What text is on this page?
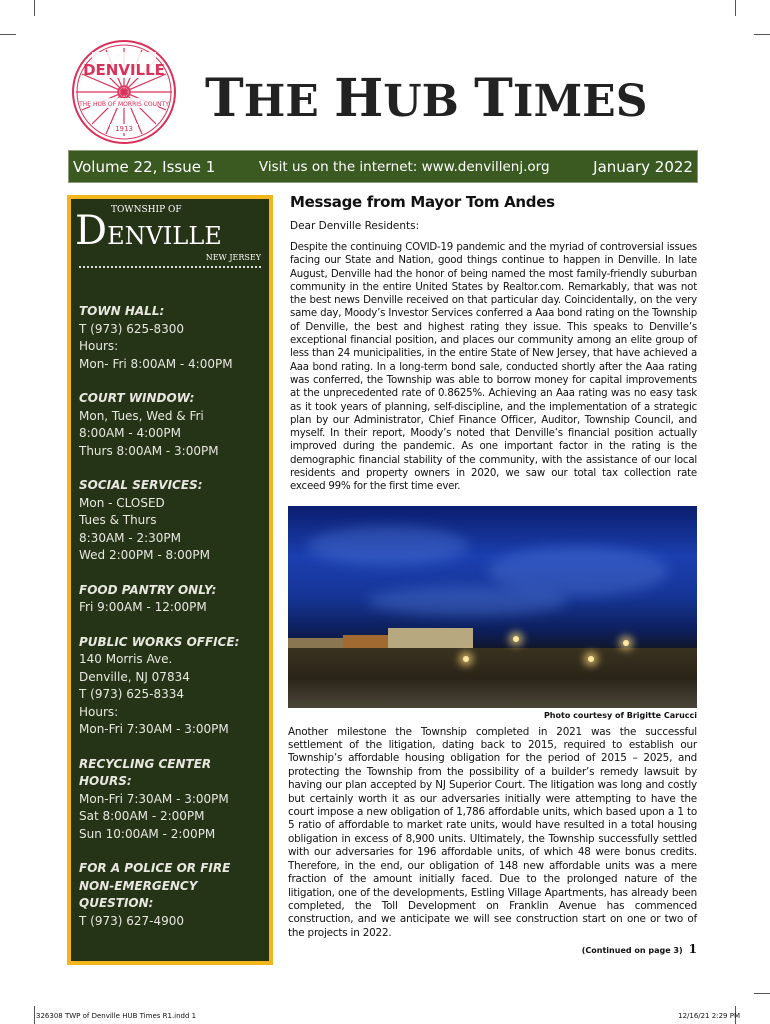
DENVILLE
THE HUB OF MORRIS COUNTY
1913 THE HUB TIMES
Volume 22, Issue 1	Visit us on the internet: www.denvillenj.org	January 2022
TOWNSHIP OF
DENVILLE
NEW JERSEY
TOWN HALL:
T (973) 625-8300
Hours:
Mon- Fri 8:00AM - 4:00PM
COURT WINDOW:
Mon, Tues, Wed & Fri
8:00AM - 4:00PM
Thurs 8:00AM - 3:00PM
SOCIAL SERVICES:
Mon - CLOSED
Tues & Thurs
8:30AM - 2:30PM
Wed 2:00PM - 8:00PM
FOOD PANTRY ONLY:
Fri 9:00AM - 12:00PM
PUBLIC WORKS OFFICE:
140 Morris Ave.
Denville, NJ 07834
T (973) 625-8334
Hours:
Mon-Fri 7:30AM - 3:00PM
RECYCLING CENTER HOURS:
Mon-Fri 7:30AM - 3:00PM
Sat 8:00AM - 2:00PM
Sun 10:00AM - 2:00PM
FOR A POLICE OR FIRE NON-EMERGENCY QUESTION:
T (973) 627-4900
Message from Mayor Tom Andes
Dear Denville Residents:
Despite the continuing COVID-19 pandemic and the myriad of controversial issues facing our State and Nation, good things continue to happen in Denville. In late August, Denville had the honor of being named the most family-friendly suburban community in the entire United States by Realtor.com. Remarkably, that was not the best news Denville received on that particular day. Coincidentally, on the very same day, Moody’s Investor Services conferred a Aaa bond rating on the Township of Denville, the best and highest rating they issue. This speaks to Denville’s exceptional financial position, and places our community among an elite group of less than 24 municipalities, in the entire State of New Jersey, that have achieved a Aaa bond rating. In a long-term bond sale, conducted shortly after the Aaa rating was conferred, the Township was able to borrow money for capital improvements at the unprecedented rate of 0.8625%. Achieving an Aaa rating was no easy task as it took years of planning, self-discipline, and the implementation of a strategic plan by our Administrator, Chief Finance Officer, Auditor, Township Council, and myself. In their report, Moody’s noted that Denville’s financial position actually improved during the pandemic. As one important factor in the rating is the demographic financial stability of the community, with the assistance of our local residents and property owners in 2020, we saw our total tax collection rate exceed 99% for the first time ever.
Photo courtesy of Brigitte Carucci
Another milestone the Township completed in 2021 was the successful settlement of the litigation, dating back to 2015, required to establish our Township’s affordable housing obligation for the period of 2015 – 2025, and protecting the Township from the possibility of a builder’s remedy lawsuit by having our plan accepted by NJ Superior Court. The litigation was long and costly but certainly worth it as our adversaries initially were attempting to have the court impose a new obligation of 1,786 affordable units, which based upon a 1 to 5 ratio of affordable to market rate units, would have resulted in a total housing obligation in excess of 8,900 units. Ultimately, the Township successfully settled with our adversaries for 196 affordable units, of which 48 were bonus credits. Therefore, in the end, our obligation of 148 new affordable units was a mere fraction of the amount initially faced. Due to the prolonged nature of the litigation, one of the developments, Estling Village Apartments, has already been completed, the Toll Development on Franklin Avenue has commenced construction, and we anticipate we will see construction start on one or two of the projects in 2022.
(Continued on page 3) 1
326308 TWP of Denville HUB Times R1.indd 1	12/16/21 2:29 PM
